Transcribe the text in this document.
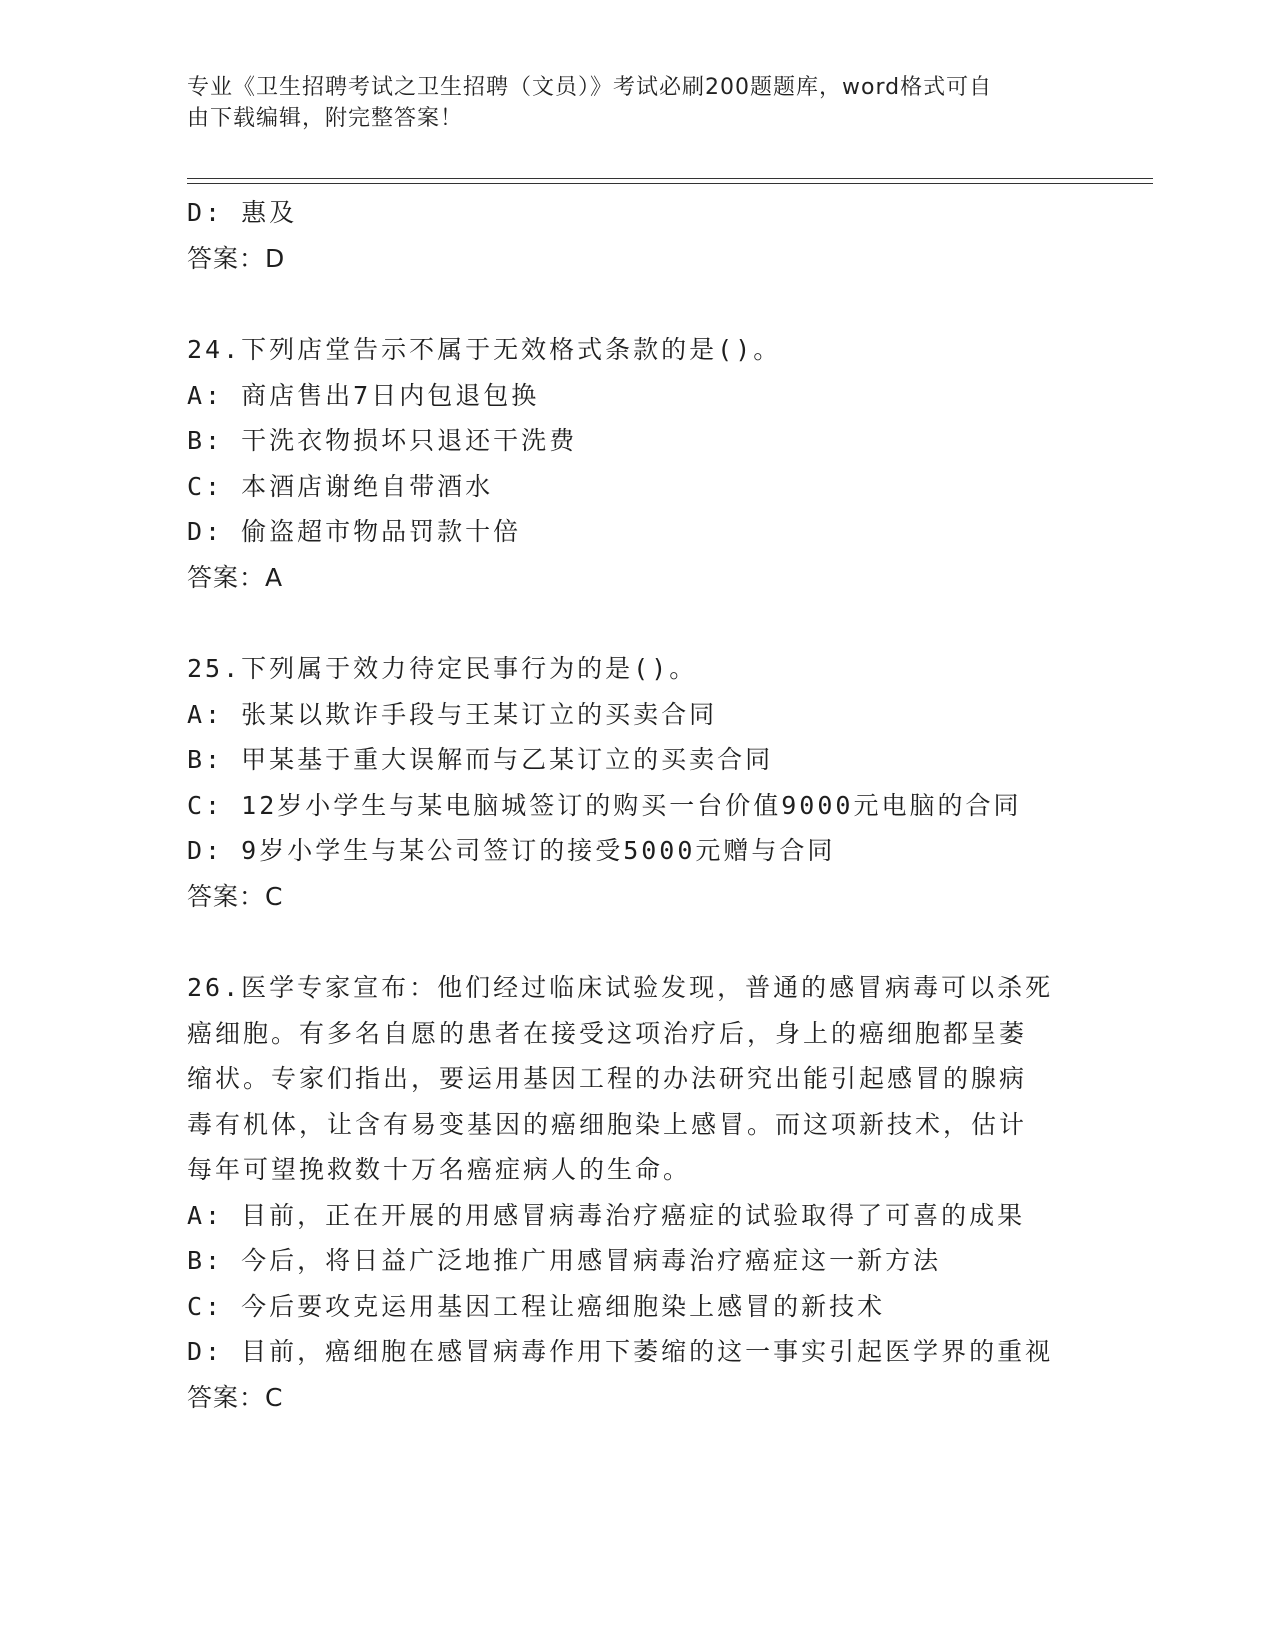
专业《卫生招聘考试之卫生招聘（文员）》考试必刷200题题库，word格式可自
由下载编辑，附完整答案！
D: 惠及
答案：D
24.下列店堂告示不属于无效格式条款的是()。
A: 商店售出7日内包退包换
B: 干洗衣物损坏只退还干洗费
C: 本酒店谢绝自带酒水
D: 偷盗超市物品罚款十倍
答案：A
25.下列属于效力待定民事行为的是()。
A: 张某以欺诈手段与王某订立的买卖合同
B: 甲某基于重大误解而与乙某订立的买卖合同
C: 12岁小学生与某电脑城签订的购买一台价值9000元电脑的合同
D: 9岁小学生与某公司签订的接受5000元赠与合同
答案：C
26.医学专家宣布：他们经过临床试验发现，普通的感冒病毒可以杀死
癌细胞。有多名自愿的患者在接受这项治疗后，身上的癌细胞都呈萎
缩状。专家们指出，要运用基因工程的办法研究出能引起感冒的腺病
毒有机体，让含有易变基因的癌细胞染上感冒。而这项新技术，估计
每年可望挽救数十万名癌症病人的生命。
A: 目前，正在开展的用感冒病毒治疗癌症的试验取得了可喜的成果
B: 今后，将日益广泛地推广用感冒病毒治疗癌症这一新方法
C: 今后要攻克运用基因工程让癌细胞染上感冒的新技术
D: 目前，癌细胞在感冒病毒作用下萎缩的这一事实引起医学界的重视
答案：C
